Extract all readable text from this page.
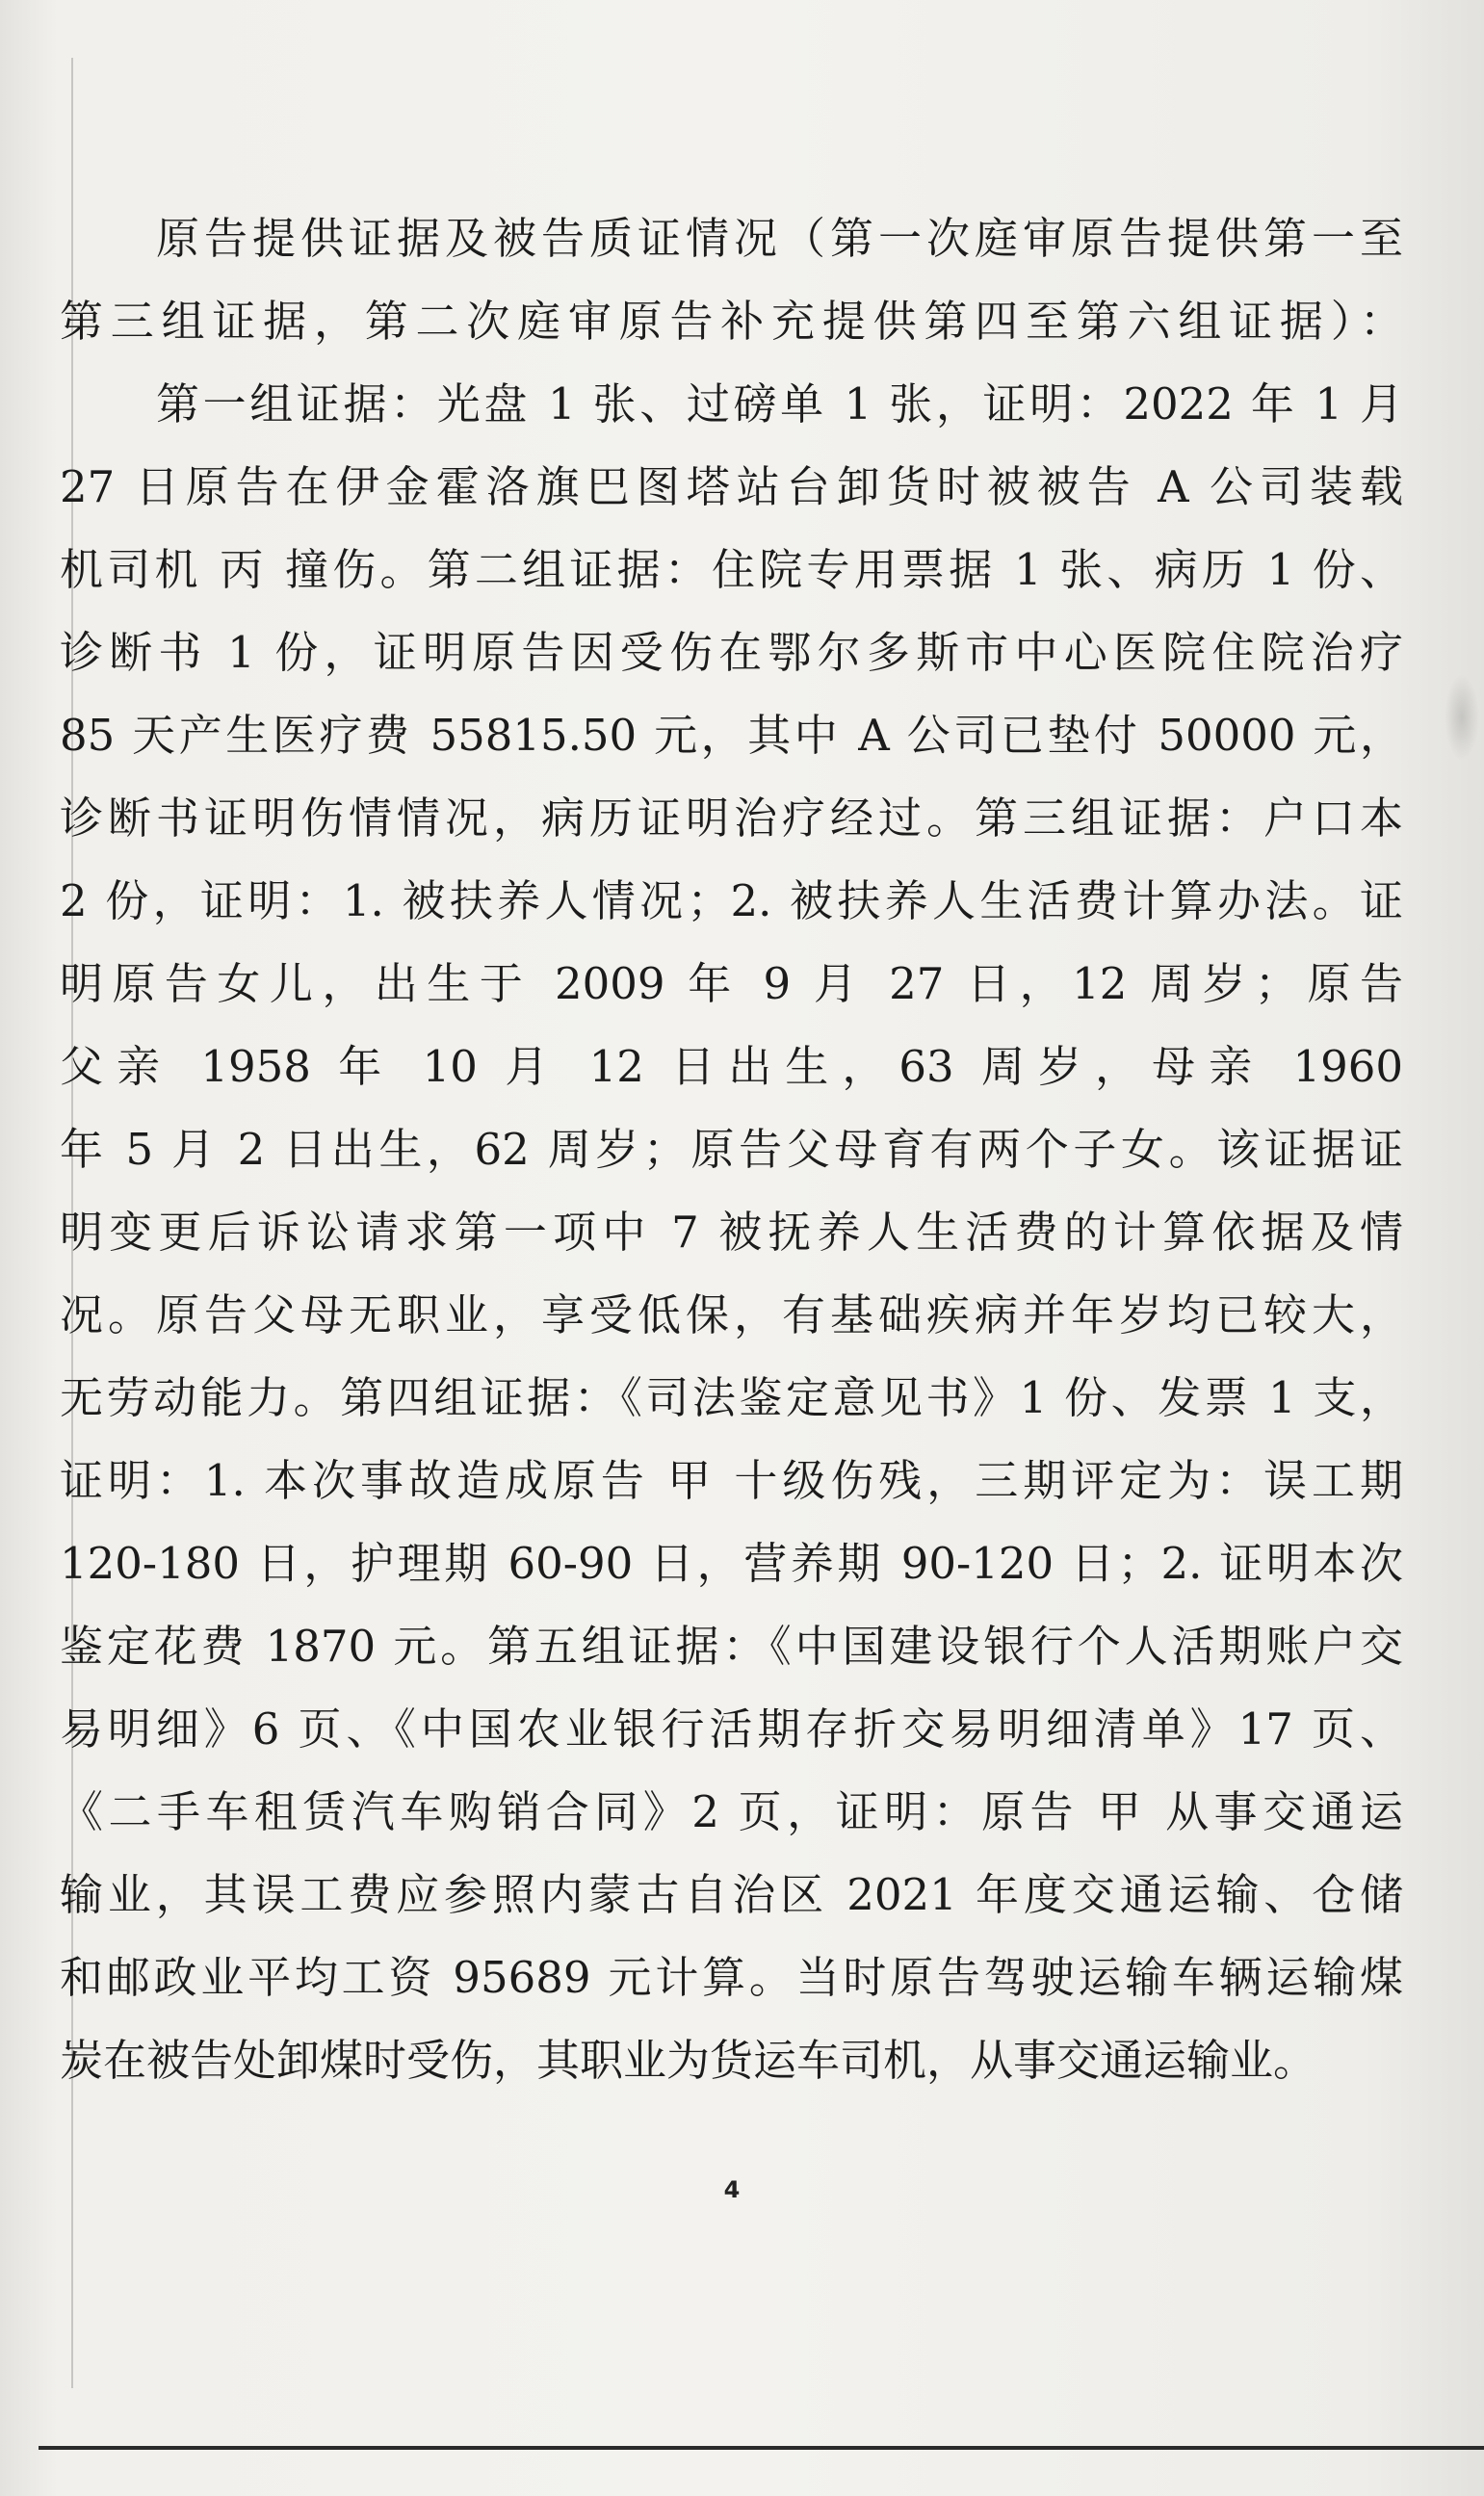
原告提供证据及被告质证情况（第一次庭审原告提供第一至
第三组证据，第二次庭审原告补充提供第四至第六组证据）：
第一组证据：光盘 1 张、过磅单 1 张，证明：2022 年 1 月
27 日原告在伊金霍洛旗巴图塔站台卸货时被被告 A 公司装载
机司机 丙 撞伤。第二组证据：住院专用票据 1 张、病历 1 份、
诊断书 1 份，证明原告因受伤在鄂尔多斯市中心医院住院治疗
85 天产生医疗费 55815.50 元，其中 A 公司已垫付 50000 元，
诊断书证明伤情情况，病历证明治疗经过。第三组证据：户口本
2 份，证明：1. 被扶养人情况；2. 被扶养人生活费计算办法。证
明原告女儿，出生于 2009 年 9 月 27 日，12 周岁；原告
父亲 1958 年 10 月 12 日出生，63 周岁，母亲 1960
年 5 月 2 日出生，62 周岁；原告父母育有两个子女。该证据证
明变更后诉讼请求第一项中 7 被抚养人生活费的计算依据及情
况。原告父母无职业，享受低保，有基础疾病并年岁均已较大，
无劳动能力。第四组证据：《司法鉴定意见书》1 份、发票 1 支，
证明：1. 本次事故造成原告 甲 十级伤残，三期评定为：误工期
120-180 日，护理期 60-90 日，营养期 90-120 日；2. 证明本次
鉴定花费 1870 元。第五组证据：《中国建设银行个人活期账户交
易明细》6 页、《中国农业银行活期存折交易明细清单》17 页、
《二手车租赁汽车购销合同》2 页，证明：原告 甲 从事交通运
输业，其误工费应参照内蒙古自治区 2021 年度交通运输、仓储
和邮政业平均工资 95689 元计算。当时原告驾驶运输车辆运输煤
炭在被告处卸煤时受伤，其职业为货运车司机，从事交通运输业。
4
